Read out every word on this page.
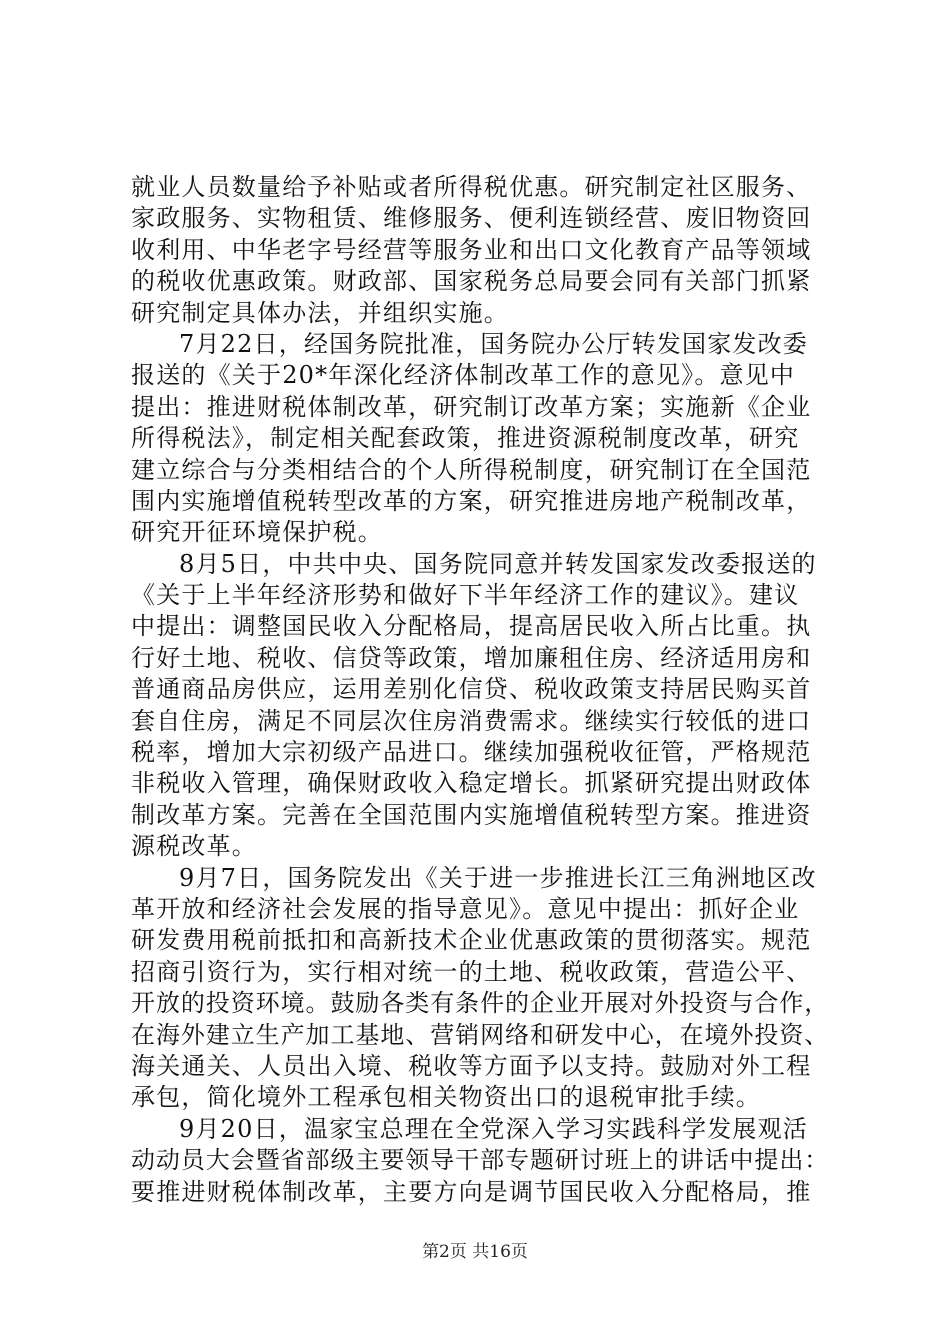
就业人员数量给予补贴或者所得税优惠。研究制定社区服务、
家政服务、实物租赁、维修服务、便利连锁经营、废旧物资回
收利用、中华老字号经营等服务业和出口文化教育产品等领域
的税收优惠政策。财政部、国家税务总局要会同有关部门抓紧
研究制定具体办法，并组织实施。
7月22日，经国务院批准，国务院办公厅转发国家发改委
报送的《关于20*年深化经济体制改革工作的意见》。意见中
提出：推进财税体制改革，研究制订改革方案；实施新《企业
所得税法》，制定相关配套政策，推进资源税制度改革，研究
建立综合与分类相结合的个人所得税制度，研究制订在全国范
围内实施增值税转型改革的方案，研究推进房地产税制改革，
研究开征环境保护税。
8月5日，中共中央、国务院同意并转发国家发改委报送的
《关于上半年经济形势和做好下半年经济工作的建议》。建议
中提出：调整国民收入分配格局，提高居民收入所占比重。执
行好土地、税收、信贷等政策，增加廉租住房、经济适用房和
普通商品房供应，运用差别化信贷、税收政策支持居民购买首
套自住房，满足不同层次住房消费需求。继续实行较低的进口
税率，增加大宗初级产品进口。继续加强税收征管，严格规范
非税收入管理，确保财政收入稳定增长。抓紧研究提出财政体
制改革方案。完善在全国范围内实施增值税转型方案。推进资
源税改革。
9月7日，国务院发出《关于进一步推进长江三角洲地区改
革开放和经济社会发展的指导意见》。意见中提出：抓好企业
研发费用税前抵扣和高新技术企业优惠政策的贯彻落实。规范
招商引资行为，实行相对统一的土地、税收政策，营造公平、
开放的投资环境。鼓励各类有条件的企业开展对外投资与合作，
在海外建立生产加工基地、营销网络和研发中心，在境外投资、
海关通关、人员出入境、税收等方面予以支持。鼓励对外工程
承包，简化境外工程承包相关物资出口的退税审批手续。
9月20日，温家宝总理在全党深入学习实践科学发展观活
动动员大会暨省部级主要领导干部专题研讨班上的讲话中提出：
要推进财税体制改革，主要方向是调节国民收入分配格局，推
第2页 共16页
